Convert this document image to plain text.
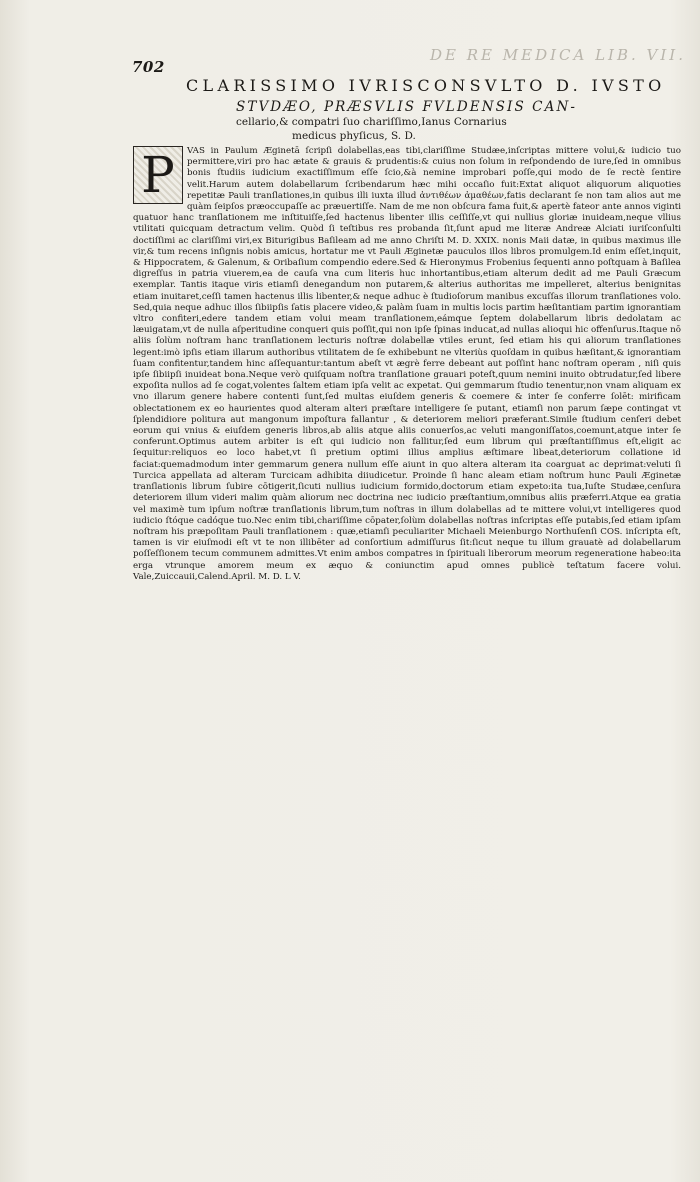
702
DE RE MEDICA LIB. VII.
CLARISSIMO IVRISCONSVLTO D. IVSTO
STVDÆO, PRÆSVLIS FVLDENSIS CAN-
cellario,& compatri ſuo chariſſimo,Ianus Cornarius
medicus phyſicus, S. D.
P	VAS in Paulum Æginetā ſcripſi dolabellas,eas tibi,clariſſime Studæe,inſcriptas mittere volui,& iudicio tuo permittere,viri pro hac ætate & grauis & prudentis:& cuius non ſolum in reſpondendo de iure,ſed in omnibus bonis ſtudiis iudicium exactiſſimum eſſe ſcio,&à nemine improbari poſſe,qui modo de ſe rectè ſentire velit.Harum autem dolabellarum ſcribendarum hæc mihi occaſio fuit:Extat aliquot aliquorum aliquoties repetitæ Pauli tranſlationes,in quibus illi iuxta illud ἀντιθέων ἀμαθέων,fatis declarant ſe non tam alios aut me quàm ſeipſos præoccupaſſe ac præuertiſſe. Nam de me non obſcura fama fuit,& apertè fateor ante annos viginti quatuor hanc tranſlationem me inſtituiſſe,ſed hactenus libenter illis ceſſiſſe,vt qui nullius gloriæ inuideam,neque vllius vtilitati quicquam detractum velim. Quòd ſi teſtibus res probanda ſit,ſunt apud me literæ Andreæ Alciati iuriſconſulti doctiſſimi ac clariſſimi viri,ex Biturigibus Baſileam ad me anno Chriſti M. D. XXIX. nonis Maii datæ, in quibus maximus ille vir,& tum recens inſignis nobis amicus, hortatur me vt Pauli Æginetæ pauculos illos libros promulgem.Id enim eſſet,inquit, & Hippocratem, & Galenum, & Oribaſium compendio edere.Sed & Hieronymus Frobenius ſequenti anno poſtquam à Baſilea digreſſus in patria viuerem,ea de cauſa vna cum literis huc inhortantibus,etiam alterum dedit ad me Pauli Græcum exemplar. Tantis itaque viris etiamſi denegandum non putarem,& alterius authoritas me impelleret, alterius benignitas etiam inuitaret,ceſſi tamen hactenus illis libenter,& neque adhuc è ſtudioſorum manibus excuſſas illorum tranſlationes volo. Sed,quia neque adhuc illos ſibiipſis ſatis placere video,& palàm ſuam in multis locis partim hæſitantiam partim ignorantiam vltro confiteri,edere tandem etiam volui meam tranſlationem,eámque ſeptem dolabellarum libris dedolatam ac læuigatam,vt de nulla aſperitudine conqueri quis poſſit,qui non ipſe ſpinas inducat,ad nullas alioqui hic offenſurus.Itaque nō aliis ſolùm noſtram hanc tranſlationem lecturis noſtræ dolabellæ vtiles erunt, ſed etiam his qui aliorum tranſlationes legent:imò ipſis etiam illarum authoribus vtilitatem de ſe exhibebunt ne vlteriùs quoſdam in quibus hæſitant,& ignorantiam ſuam confitentur,tandem hinc aſſequantur:tantum abeſt vt ægrè ferre debeant aut poſſint hanc noſtram operam , niſi quis ipſe ſibiipſi inuideat bona.Neque verò quiſquam noſtra tranſlatione grauari poteſt,quum nemini inuito obtrudatur,ſed libere expoſita nullos ad ſe cogat,volentes ſaltem etiam ipſa velit ac expetat. Qui gemmarum ſtudio tenentur,non vnam aliquam ex vno illarum genere habere contenti ſunt,ſed multas eiuſdem generis & coemere & inter ſe conferre ſolēt: mirificam oblectationem ex eo haurientes quod alteram alteri præſtare intelligere ſe putant, etiamſi non parum ſæpe contingat vt ſplendidiore politura aut mangonum impoſtura fallantur , & deteriorem meliori præferant.Simile ſtudium cenſeri debet eorum qui vnius & eiuſdem generis libros,ab aliis atque aliis conuerſos,ac veluti mangoniſſatos,coemunt,atque inter ſe conferunt.Optimus autem arbiter is eſt qui iudicio non fallitur,ſed eum librum qui præſtantiſſimus eſt,eligit ac ſequitur:reliquos eo loco habet,vt ſi pretium optimi illius amplius æſtimare libeat,deteriorum collatione id faciat:quemadmodum inter gemmarum genera nullum eſſe aiunt in quo altera alteram ita coarguat ac deprimat:veluti ſi Turcica appellata ad alteram Turcicam adhibita diiudicetur. Proinde ſi hanc aleam etiam noſtrum hunc Pauli Æginetæ tranſlationis librum ſubire cōtigerit,ſicuti nullius iudicium formido,doctorum etiam expeto:ita tua,Iuſte Studæe,cenſura deteriorem illum videri malim quàm aliorum nec doctrina nec iudicio præſtantium,omnibus aliis præferri.Atque ea gratia vel maximè tum ipſum noſtræ tranſlationis librum,tum noſtras in illum dolabellas ad te mittere volui,vt intelligeres quod iudicio ſtóque cadóque tuo.Nec enim tibi,chariſſime cōpater,ſolùm dolabellas noſtras inſcriptas eſſe putabis,ſed etiam ipſam noſtram his præpoſitam Pauli tranſlationem : quæ,etiamſi peculiariter Michaeli Meienburgo Northuſenſi COS. inſcripta eſt, tamen is vir eiuſmodi eſt vt te non illibēter ad conſortium admiſſurus ſit:ſicut neque tu illum grauatè ad dolabellarum poſſeſſionem tecum communem admittes.Vt enim ambos compatres in ſpirituali liberorum meorum regeneratione habeo:ita erga vtrunque amorem meum ex æquo & coniunctim apud omnes publicè teſtatum facere volui. Vale,Zuiccauii,Calend.April. M. D. L V.
